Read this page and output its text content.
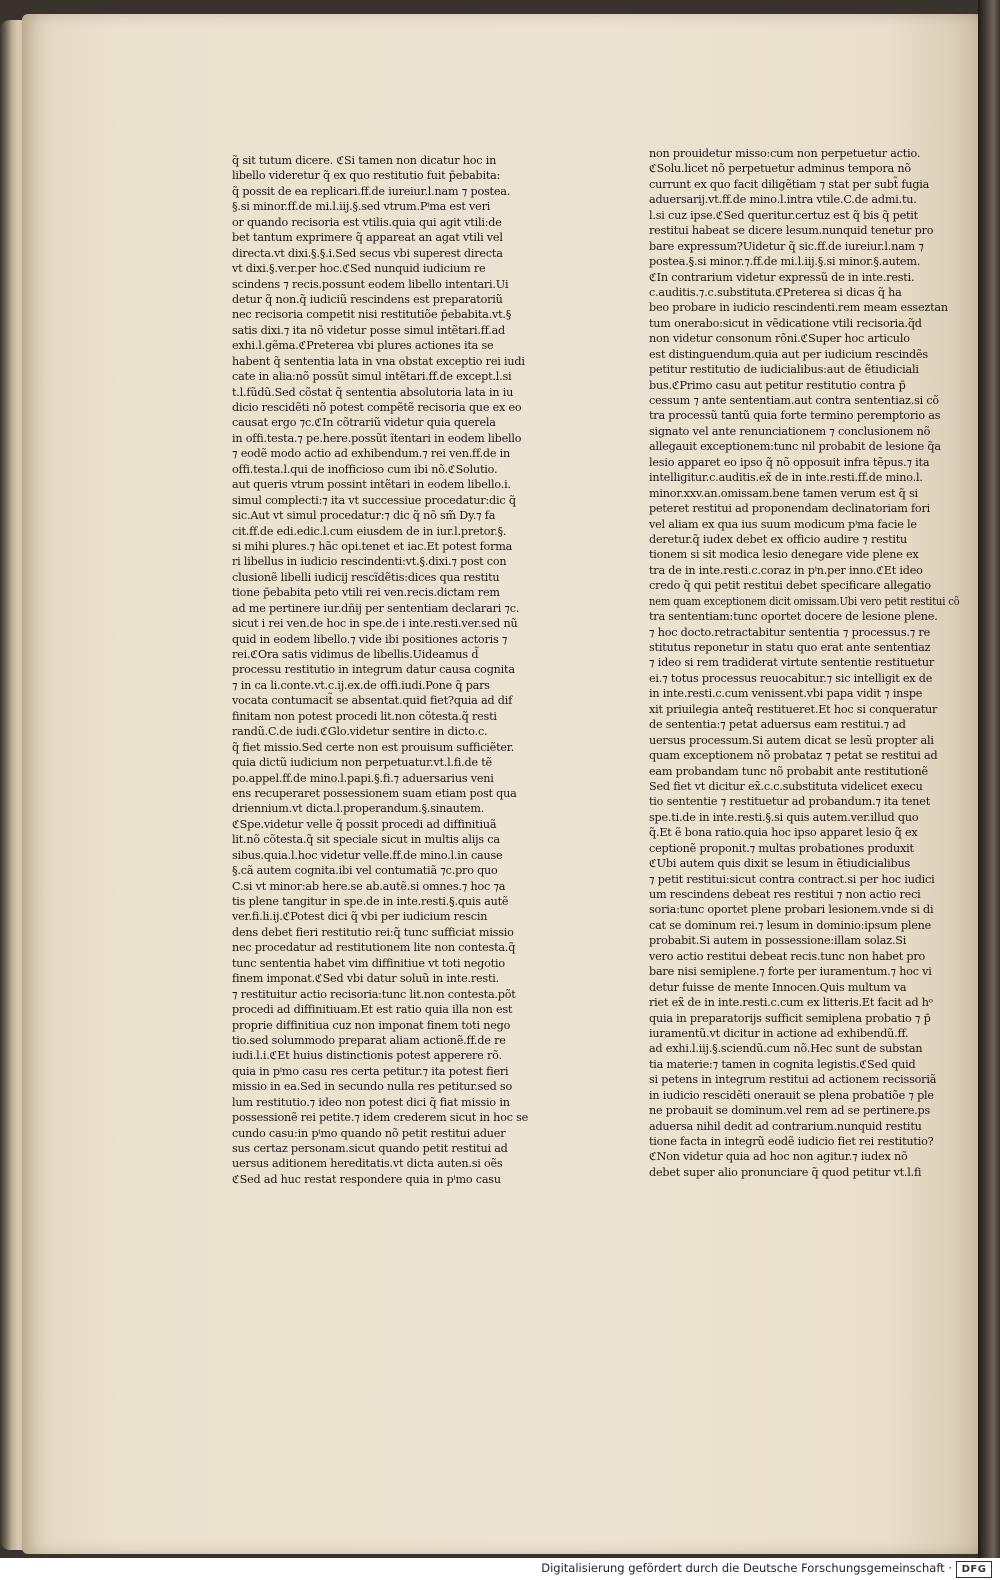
q̃ sit tutum dicere. ℭSi tamen non dicatur hoc in
libello videretur q̃ ex quo restitutio fuit p̄ebabita:
q̃ possit de ea replicari.ff.de iureiur.l.nam ⁊ postea.
§.si minor.ff.de mi.l.iij.§.sed vtrum.Pⁱma est veri
or quando recisoria est vtilis.quia qui agit vtili:de
bet tantum exprimere q̃ appareat an agat vtili vel
directa.vt dixi.§.§.i.Sed secus vbi superest directa
vt dixi.§.ver.per hoc.ℭSed nunquid iudicium re
scindens ⁊ recis.possunt eodem libello intentari.Ui
detur q̃ non.q̃ iudiciũ rescindens est preparatoriũ
nec recisoria competit nisi restitutiõe p̄ebabita.vt.§
satis dixi.⁊ ita nõ videtur posse simul intẽtari.ff.ad
exhi.l.gẽma.ℭPreterea vbi plures actiones ita se
habent q̃ sententia lata in vna obstat exceptio rei iudi
cate in alia:nõ possũt simul intẽtari.ff.de except.l.si
t.l.fũdũ.Sed cõstat q̃ sententia absolutoria lata in iu
dicio rescidẽti nõ potest compẽtẽ recisoria que ex eo
causat ergo ⁊c.ℭIn cõtrariũ videtur quia querela
in offi.testa.⁊ pe.here.possũt ĩtentari in eodem libello
⁊ eodẽ modo actio ad exhibendum.⁊ rei ven.ff.de in
offi.testa.l.qui de inofficioso cum ibi nõ.ℭSolutio.
aut queris vtrum possint intẽtari in eodem libello.i.
simul complecti:⁊ ita vt successiue procedatur:dic q̃
sic.Aut vt simul procedatur:⁊ dic q̃ nõ sm̃ Dy.⁊ fa
cit.ff.de edi.edic.l.cum eiusdem de in iur.l.pretor.§.
si mihi plures.⁊ hãc opi.tenet et iac.Et potest forma
ri libellus in iudicio rescindenti:vt.§.dixi.⁊ post con
clusionẽ libelli iudicij rescĩdẽtis:dices qua restitu
tione p̄ebabita peto vtili rei ven.recis.dictam rem
ad me pertinere iur.dñij per sententiam declarari ⁊c.
sicut i rei ven.de hoc in spe.de i inte.resti.ver.sed nũ
quid in eodem libello.⁊ vide ibi positiones actoris ⁊
rei.ℭOra satis vidimus de libellis.Uideamus d̃
processu restitutio in integrum datur causa cognita
⁊ in ca li.conte.vt.c.ij.ex.de offi.iudi.Pone q̃ pars
vocata contumacit̃ se absentat.quid fiet?quia ad dif
finitam non potest procedi lit.non cõtesta.q̃ resti
randũ.C.de iudi.ℭGlo.videtur sentire in dicto.c.
q̃ fiet missio.Sed certe non est prouisum sufficiẽter.
quia dictũ iudicium non perpetuatur.vt.l.fi.de tẽ
po.appel.ff.de mino.l.papi.§.fi.⁊ aduersarius veni
ens recuperaret possessionem suam etiam post qua
driennium.vt dicta.l.properandum.§.sinautem.
ℭSpe.videtur velle q̃ possit procedi ad diffinitiuã
lit.nõ cõtesta.q̃ sit speciale sicut in multis alijs ca
sibus.quia.l.hoc videtur velle.ff.de mino.l.in cause
§.cã autem cognita.ibi vel contumatiã ⁊c.pro quo
C.si vt minor:ab here.se ab.autẽ.si omnes.⁊ hoc ⁊a
tis plene tangitur in spe.de in inte.resti.§.quis autẽ
ver.fi.li.ij.ℭPotest dici q̃ vbi per iudicium rescin
dens debet fieri restitutio rei:q̃ tunc sufficiat missio
nec procedatur ad restitutionem lite non contesta.q̃
tunc sententia habet vim diffinitiue vt toti negotio
finem imponat.ℭSed vbi datur soluũ in inte.resti.
⁊ restituitur actio recisoria:tunc lit.non contesta.põt
procedi ad diffinitiuam.Et est ratio quia illa non est
proprie diffinitiua cuz non imponat finem toti nego
tio.sed solummodo preparat aliam actionẽ.ff.de re
iudi.l.i.ℭEt huius distinctionis potest apperere rõ.
quia in pⁱmo casu res certa petitur.⁊ ita potest fieri
missio in ea.Sed in secundo nulla res petitur.sed so
lum restitutio.⁊ ideo non potest dici q̃ fiat missio in
possessionẽ rei petite.⁊ idem crederem sicut in hoc se
cundo casu:in pⁱmo quando nõ petit restitui aduer
sus certaz personam.sicut quando petit restitui ad
uersus aditionem hereditatis.vt dicta auten.si oẽs
ℭSed ad huc restat respondere quia in pⁱmo casu
non prouidetur misso:cum non perpetuetur actio.
ℭSolu.licet nõ perpetuetur adminus tempora nõ
currunt ex quo facit diligẽtiam ⁊ stat per subt̃ fugia
aduersarij.vt.ff.de mino.l.intra vtile.C.de admi.tu.
l.si cuz ipse.ℭSed queritur.certuz est q̃ bis q̃ petit
restitui habeat se dicere lesum.nunquid tenetur pro
bare expressum?Uidetur q̃ sic.ff.de iureiur.l.nam ⁊
postea.§.si minor.⁊.ff.de mi.l.iij.§.si minor.§.autem.
ℭIn contrarium videtur expressũ de in inte.resti.
c.auditis.⁊.c.substituta.ℭPreterea si dicas q̃ ha
beo probare in iudicio rescindenti.rem meam esseztan
tum onerabo:sicut in vẽdicatione vtili recisoria.q̃d
non videtur consonum rõni.ℭSuper hoc articulo
est distinguendum.quia aut per iudicium rescindẽs
petitur restitutio de iudicialibus:aut de ẽtiudiciali
bus.ℭPrimo casu aut petitur restitutio contra p̄
cessum ⁊ ante sententiam.aut contra sententiaz.si cõ
tra processũ tantũ quia forte termino peremptorio as
signato vel ante renunciationem ⁊ conclusionem nõ
allegauit exceptionem:tunc nil probabit de lesione q̃a
lesio apparet eo ipso q̃ nõ opposuit infra tẽpus.⁊ ita
intelligitur.c.auditis.ex̃ de in inte.resti.ff.de mino.l.
minor.xxv.an.omissam.bene tamen verum est q̃ si
peteret restitui ad proponendam declinatoriam fori
vel aliam ex qua ius suum modicum pⁱma facie le
deretur.q̃ iudex debet ex officio audire ⁊ restitu
tionem si sit modica lesio denegare vide plene ex
tra de in inte.resti.c.coraz in pⁱn.per inno.ℭEt ideo
credo q̃ qui petit restitui debet specificare allegatio
nem quam exceptionem dicit omissam.Ubi vero petit restitui cõ
tra sententiam:tunc oportet docere de lesione plene.
⁊ hoc docto.retractabitur sententia ⁊ processus.⁊ re
stitutus reponetur in statu quo erat ante sententiaz
⁊ ideo si rem tradiderat virtute sententie restituetur
ei.⁊ totus processus reuocabitur.⁊ sic intelligit ex de
in inte.resti.c.cum venissent.vbi papa vidit ⁊ inspe
xit priuilegia anteq̃ restitueret.Et hoc si conqueratur
de sententia:⁊ petat aduersus eam restitui.⁊ ad
uersus processum.Si autem dicat se lesũ propter ali
quam exceptionem nõ probataz ⁊ petat se restitui ad
eam probandam tunc nõ probabit ante restitutionẽ
Sed fiet vt dicitur ex̃.c.c.substituta videlicet execu
tio sententie ⁊ restituetur ad probandum.⁊ ita tenet
spe.ti.de in inte.resti.§.si quis autem.ver.illud quo
q̃.Et ẽ bona ratio.quia hoc ipso apparet lesio q̃ ex
ceptionẽ proponit.⁊ multas probationes produxit
ℭUbi autem quis dixit se lesum in ẽtiudicialibus
⁊ petit restitui:sicut contra contract.si per hoc iudici
um rescindens debeat res restitui ⁊ non actio reci
soria:tunc oportet plene probari lesionem.vnde si di
cat se dominum rei.⁊ lesum in dominio:ipsum plene
probabit.Si autem in possessione:illam solaz.Si
vero actio restitui debeat recis.tunc non habet pro
bare nisi semiplene.⁊ forte per iuramentum.⁊ hoc vi
detur fuisse de mente Innocen.Quis multum va
riet ex̃ de in inte.resti.c.cum ex litteris.Et facit ad hᵒ
quia in preparatorijs sufficit semiplena probatio ⁊ p̄
iuramentũ.vt dicitur in actione ad exhibendũ.ff.
ad exhi.l.iij.§.sciendũ.cum nõ.Hec sunt de substan
tia materie:⁊ tamen in cognita legistis.ℭSed quid
si petens in integrum restitui ad actionem recissoriã
in iudicio rescidẽti onerauit se plena probatiõe ⁊ ple
ne probauit se dominum.vel rem ad se pertinere.ps
aduersa nihil dedit ad contrarium.nunquid restitu
tione facta in integrũ eodẽ iudicio fiet rei restitutio?
ℭNon videtur quia ad hoc non agitur.⁊ iudex nõ
debet super alio pronunciare q̃ quod petitur vt.l.fi
Digitalisierung gefördert durch die Deutsche Forschungsgemeinschaft · DFG
